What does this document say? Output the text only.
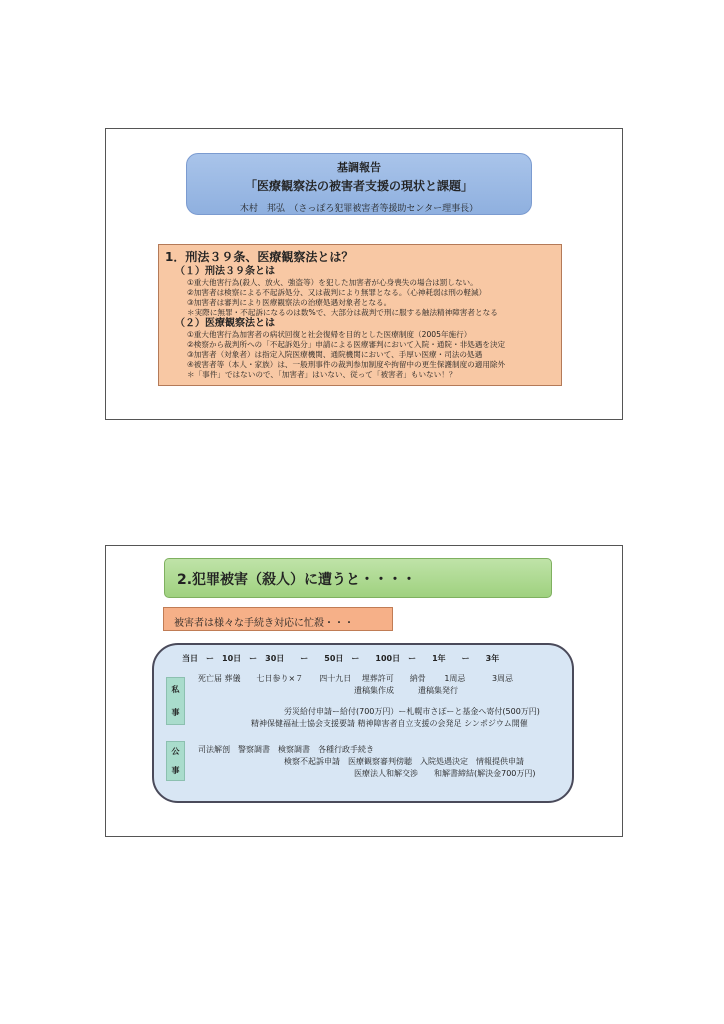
基調報告
「医療観察法の被害者支援の現状と課題」
木村　邦弘　（さっぽろ犯罪被害者等援助センター理事長）
1．刑法３９条、医療観察法とは？
（１）刑法３９条とは
①重大他害行為(殺人、放火、強盗等）を犯した加害者が心身喪失の場合は罰しない。
②加害者は検察による不起訴処分、又は裁判により無罪となる。（心神耗弱は刑の軽減）
③加害者は審判により医療観察法の治療処遇対象者となる。
＊実際に無罪・不起訴になるのは数%で、大部分は裁判で刑に服する触法精神障害者となる
（２）医療観察法とは
①重大他害行為加害者の病状回復と社会復帰を目的とした医療制度（2005年施行）
②検察から裁判所への「不起訴処分」申請による医療審判において入院・通院・非処遇を決定
③加害者（対象者）は指定入院医療機関、通院機関において、手厚い医療・司法の処遇
④被害者等（本人・家族）は、一般刑事件の裁判参加制度や拘留中の更生保護制度の適用除外
＊「事件」ではないので、「加害者」はいない、従って「被害者」もいない！？
2.犯罪被害（殺人）に遭うと・・・・
被害者は様々な手続き対応に忙殺・・・
当日　ー　10日　ー　30日　　ー　　50日　ー　　100日　ー　　1年　　ー　　3年
私
事
死亡届 葬儀　　七日参り×７　　四十九日　 埋葬許可　　納骨　　 1周忌　　　 3周忌
遺稿集作成　　　遺稿集発行
労災給付申請ー給付(700万円）ー札幌市さぽーと基金へ寄付(500万円)
精神保健福祉士協会支援要請 精神障害者自立支援の会発足 シンポジウム開催
公
事
司法解剖　警察調書　検察調書　各種行政手続き
検察不起訴申請　医療観察審判傍聴　入院処遇決定　情報提供申請
医療法人和解交渉　　和解書締結(解決金700万円)
